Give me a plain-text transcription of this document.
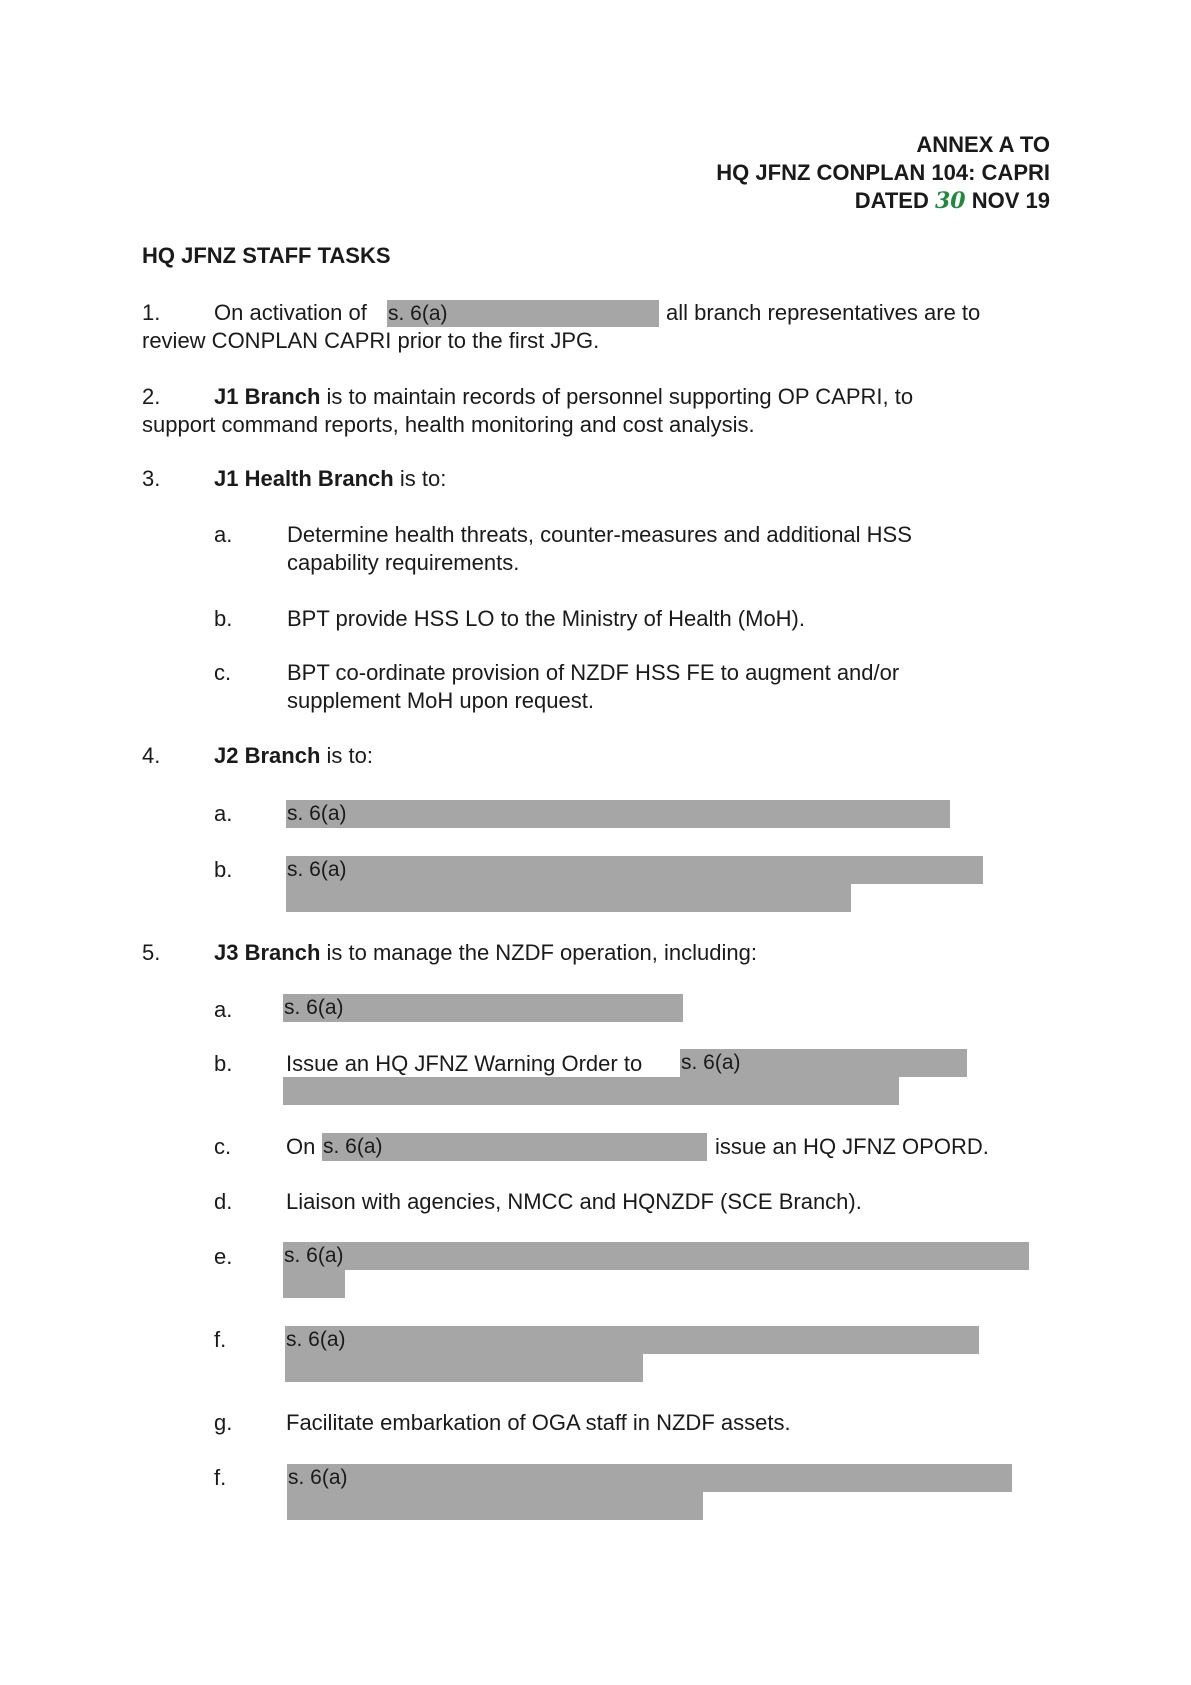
ANNEX A TO
HQ JFNZ CONPLAN 104: CAPRI
DATED 30 NOV 19
HQ JFNZ STAFF TASKS
1. On activation of s. 6(a)	all branch representatives are to
review CONPLAN CAPRI prior to the first JPG.
2. J1 Branch is to maintain records of personnel supporting OP CAPRI, to
support command reports, health monitoring and cost analysis.
3. J1 Health Branch is to:
a. Determine health threats, counter-measures and additional HSS
capability requirements.
b. BPT provide HSS LO to the Ministry of Health (MoH).
c.	BPT co-ordinate provision of NZDF HSS FE to augment and/or
supplement MoH upon request.
4. J2 Branch is to:
a.	s. 6(a)
b.	s. 6(a)
5. J3 Branch is to manage the NZDF operation, including:
a. s. 6(a)
b. Issue an HQ JFNZ Warning Order to s. 6(a)
c. On s. 6(a)	issue an HQ JFNZ OPORD.
d. Liaison with agencies, NMCC and HQNZDF (SCE Branch).
e. s. 6(a)
f.	s. 6(a)
g. Facilitate embarkation of OGA staff in NZDF assets.
f.	s. 6(a)
